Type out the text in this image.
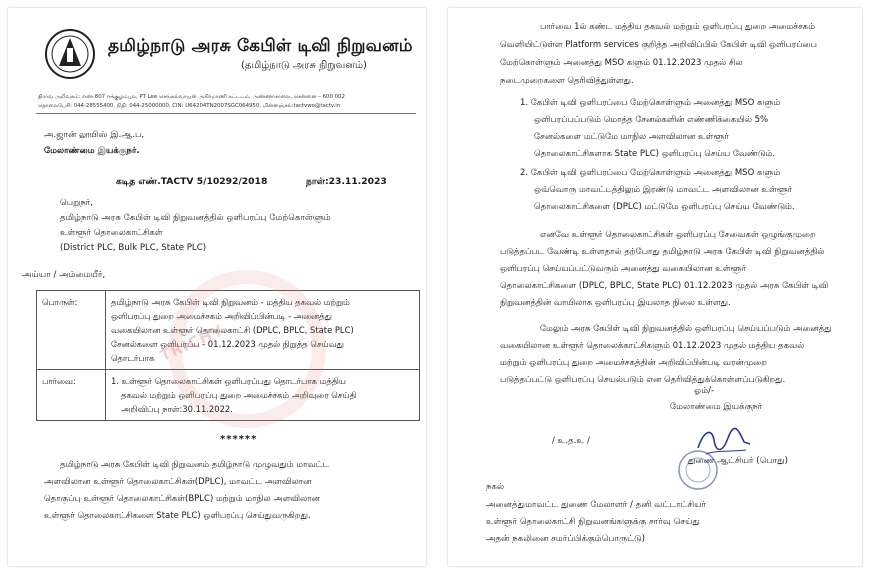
தமிழ்நாடு அரசு கேபிள் டிவி நிறுவனம்
(தமிழ்நாடு அரசு நிறுவனம்)
திராவ அறிவகம்: எண் 807 ஈக்குழம்புல, PT Lee செங்கல்வாயன் அகிர்மாணி கட்டடம், அண்ணாசாலை, சென்னை – 600 002
தொலைபேசி: 044-28555400, நிதி: 044-25000000, CIN: U64204TN2007SGC064950, மின்னஞ்சல்:tactvwo@tactv.in
அ.ஜான் லூயிஸ் இ.ஆ.ப,
மேலாண்மை இயக்குநர்.
கடித எண்.TACTV 5/10292/2018	நாள்:23.11.2023
பெறுநர்,
தமிழ்நாடு அரசு கேபிள் டிவி நிறுவனத்தில் ஒளிபரப்பு மேற்கொள்ளும்
உள்ளூர் தொலைகாட்சிகள்
(District PLC, Bulk PLC, State PLC)
அய்யா / அம்மையீர்,
பொருள்:	தமிழ்நாடு அரசு கேபிள் டிவி நிறுவனம் - மத்திய தகவல் மற்றும்
ஒளிபரப்பு துறை அமைச்சகம் அறிவிப்பின்படி - அனைத்து
வகையிலான உள்ளூர் தொலைகாட்சி (DPLC, BPLC, State PLC)
சேனல்களை ஒளிபரப்ப - 01.12.2023 முதல் நிறுத்த செய்வது
தொடர்பாக

பார்வை:	1. உள்ளூர் தொலைகாட்சிகள் ஒளிபரப்பது தொடர்பாக மத்திய
தகவல் மற்றும் ஒளிபரப்பு துறை அமைச்சகம் அறிவுரை செய்தி
அறிவிப்பு நாள்:30.11.2022.
TRICHY
******
தமிழ்நாடு அரசு கேபிள் டிவி நிறுவனம் தமிழ்நாடு முழுவதும் மாவட்ட
அளவிலான உள்ளூர் தொலைகாட்சிகள்(DPLC), மாவட்ட அளவிலான
தொகுப்பு உள்ளூர் தொலைகாட்சிகள்(BPLC) மற்றும் மாநில அளவிலான
உள்ளூர் தொலைகாட்சிகளை State PLC) ஒளிபரப்பு செய்துவருகிறது.
பார்வை 1ல் கண்ட மத்திய தகவல் மற்றும் ஒளிபரப்பு துறை அமைச்சகம்
வெளியிட்டுள்ள Platform services குறித்த அறிவிப்பில் கேபிள் டிவி ஒளிபரப்பை
மேற்கொள்ளும் அனைத்து MSO களும் 01.12.2023 முதல் சில
நடைமுறைகளை தெரிவித்துள்ளது.
1. கேபிள் டிவி ஒளிபரப்பை மேற்கொள்ளும் அனைத்து MSO களும்
ஒளிபரப்பப்படும் மொத்த சேனல்களின் எண்ணிக்கையில் 5%
சேனல்களை மட்டுமே மாநில அளவிலான உள்ளூர்
தொலைகாட்சிகளாக State PLC) ஒளிபரப்பு செய்ய வேண்டும்.
2. கேபிள் டிவி ஒளிபரப்பை மேற்கொள்ளும் அனைத்து MSO களும்
ஒவ்வொரு மாவட்டத்திலும் இரண்டு மாவட்ட அளவிலான உள்ளூர்
தொலைகாட்சிகளை (DPLC) மட்டுமே ஒளிபரப்பு செய்ய வேண்டும்.
எனவே உள்ளூர் தொலைகாட்சிகள் ஒளிபரப்பு சேவைகள் ஒழுங்குமுறை
படுத்தப்பட வேண்டி உள்ளதால் தற்போது தமிழ்நாடு அரசு கேபிள் டிவி நிறுவனத்தில்
ஒளிபரப்பு செய்யப்பட்டுவரும் அனைத்து வகையிலான உள்ளூர்
தொலைகாட்சிகளை (DPLC, BPLC, State PLC) 01.12.2023 முதல் அரசு கேபிள் டிவி
நிறுவனத்தின் வாயிலாக ஒளிபரப்பு இயலாத நிலை உள்ளது.
மேலும் அரசு கேபிள் டிவி நிறுவனத்தில் ஒளிபரப்பு செய்யப்படும் அனைத்து
வகையிலான உள்ளூர் தொலைக்காட்சிகளும் 01.12.2023 முதல் மத்திய தகவல்
மற்றும் ஒளிபரப்பு துறை அமைச்சகத்தின் அறிவிப்பின்படி வரன்முறை
படுத்தப்பட்டு ஒளிபரப்பு செயல்படும் என தெரிவித்துக்கொள்ளப்படுகிறது.
ஓம்/-
மேலாண்மை இயக்குநர்
/ உ.த.உ /
துணை ஆட்சியர் (பொது)
நகல்
அனைத்துமாவட்ட துணை மேலாளர் / தனி வட்டாட்சியர்
உள்ளூர் தொலைகாட்சி நிறுவனங்களுக்கு சார்வு செய்து
அதன் நகலினை சமர்ப்பிக்கும்பொருட்டு)
